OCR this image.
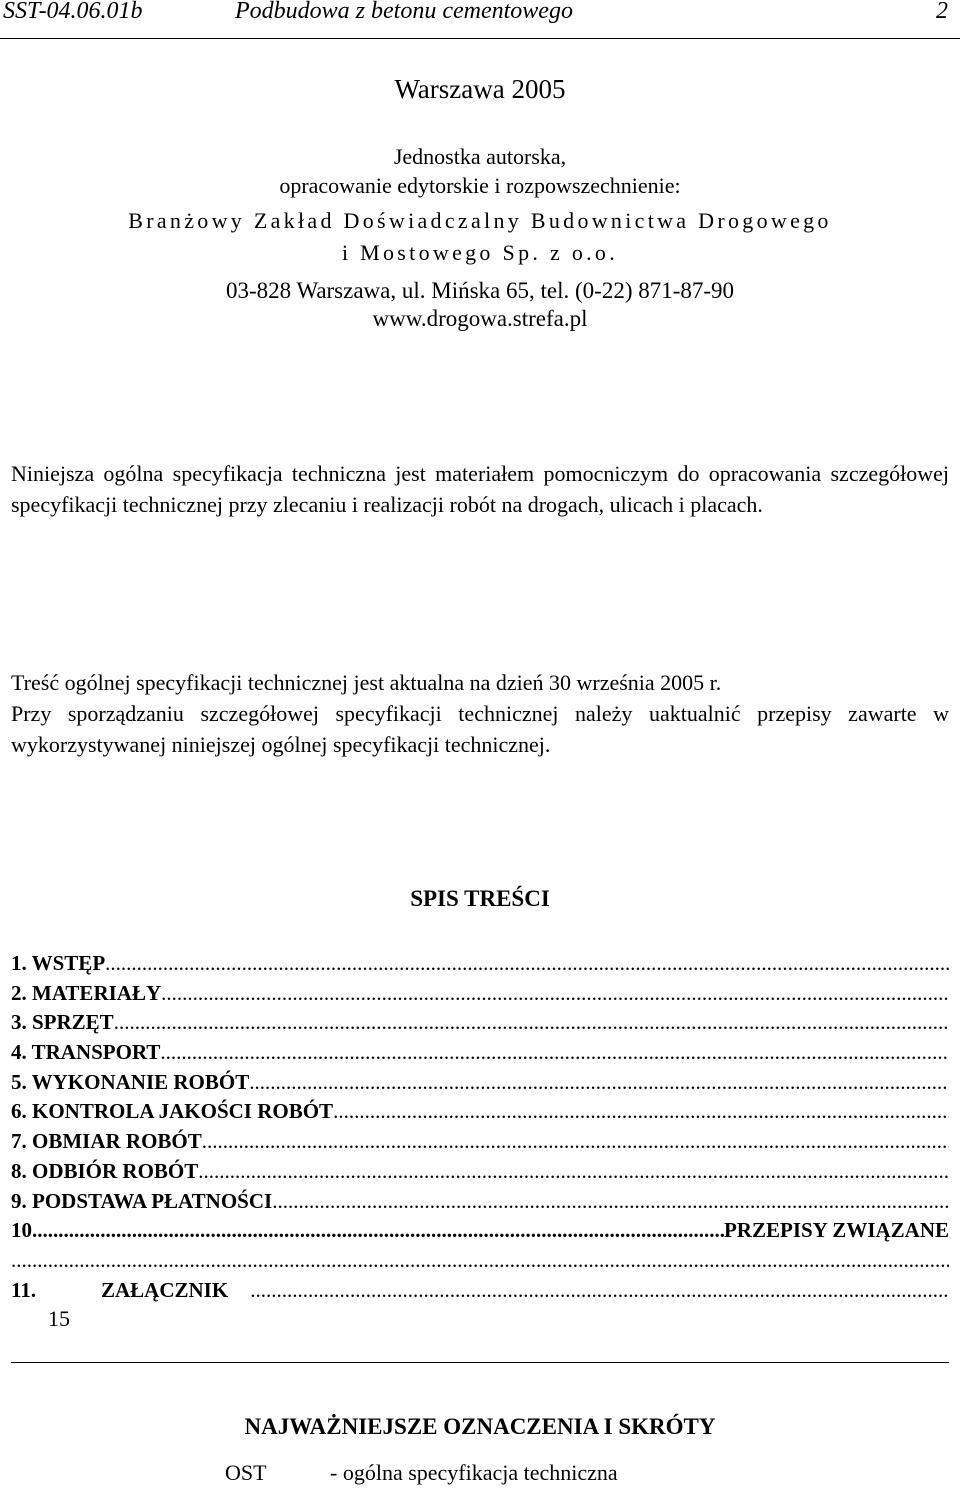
SST-04.06.01b	Podbudowa z betonu cementowego	2
Warszawa 2005
Jednostka autorska,
opracowanie edytorskie i rozpowszechnienie:
Branżowy Zakład Doświadczalny Budownictwa Drogowego
i Mostowego Sp. z o.o.
03-828 Warszawa, ul. Mińska 65, tel. (0-22) 871-87-90
www.drogowa.strefa.pl
Niniejsza ogólna specyfikacja techniczna jest materiałem pomocniczym do opracowania szczegółowej specyfikacji technicznej przy zlecaniu i realizacji robót na drogach, ulicach i placach.
Treść ogólnej specyfikacji technicznej jest aktualna na dzień 30 września 2005 r.
Przy sporządzaniu szczegółowej specyfikacji technicznej należy uaktualnić przepisy zawarte w wykorzystywanej niniejszej ogólnej specyfikacji technicznej.
SPIS TREŚCI
1. WSTĘP
.....
2. MATERIAŁY
.....
3. SPRZĘT
.....
4. TRANSPORT
.....
5. WYKONANIE ROBÓT
.....
6. KONTROLA JAKOŚCI ROBÓT
.....
7. OBMIAR ROBÓT
.....
8. ODBIÓR ROBÓT
.....
9. PODSTAWA PŁATNOŚCI
.....
10.
.....	PRZEPISY ZWIĄZANE
.....
11.	ZAŁĄCZNIK
.....
15
NAJWAŻNIEJSZE OZNACZENIA I SKRÓTY
OST	- ogólna specyfikacja techniczna
